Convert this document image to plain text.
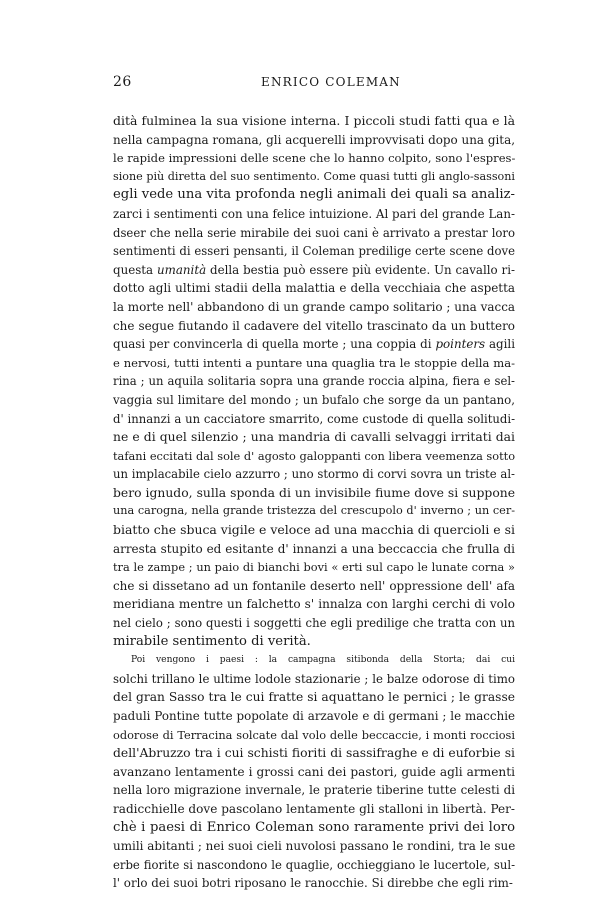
26	ENRICO COLEMAN

dità fulminea la sua visione interna. I piccoli studi fatti qua e là
nella campagna romana, gli acquerelli improvvisati dopo una gita,
le rapide impressioni delle scene che lo hanno colpito, sono l'espres-
sione più diretta del suo sentimento. Come quasi tutti gli anglo-sassoni
egli vede una vita profonda negli animali dei quali sa analiz-
zarci i sentimenti con una felice intuizione. Al pari del grande Lan-
dseer che nella serie mirabile dei suoi cani è arrivato a prestar loro
sentimenti di esseri pensanti, il Coleman predilige certe scene dove
questa umanità della bestia può essere più evidente. Un cavallo ri-
dotto agli ultimi stadii della malattia e della vecchiaia che aspetta
la morte nell' abbandono di un grande campo solitario ; una vacca
che segue fiutando il cadavere del vitello trascinato da un buttero
quasi per convincerla di quella morte ; una coppia di pointers agili
e nervosi, tutti intenti a puntare una quaglia tra le stoppie della ma-
rina ; un aquila solitaria sopra una grande roccia alpina, fiera e sel-
vaggia sul limitare del mondo ; un bufalo che sorge da un pantano,
d' innanzi a un cacciatore smarrito, come custode di quella solitudi-
ne e di quel silenzio ; una mandria di cavalli selvaggi irritati dai
tafani eccitati dal sole d' agosto galoppanti con libera veemenza sotto
un implacabile cielo azzurro ; uno stormo di corvi sovra un triste al-
bero ignudo, sulla sponda di un invisibile fiume dove si suppone
una carogna, nella grande tristezza del crescupolo d' inverno ; un cer-
biatto che sbuca vigile e veloce ad una macchia di quercioli e si
arresta stupito ed esitante d' innanzi a una beccaccia che frulla di
tra le zampe ; un paio di bianchi bovi « erti sul capo le lunate corna »
che si dissetano ad un fontanile deserto nell' oppressione dell' afa
meridiana mentre un falchetto s' innalza con larghi cerchi di volo
nel cielo ; sono questi i soggetti che egli predilige che tratta con un
mirabile sentimento di verità.

Poi vengono i paesi : la campagna sitibonda della Storta; dai cui
solchi trillano le ultime lodole stazionarie ; le balze odorose di timo
del gran Sasso tra le cui fratte si aquattano le pernici ; le grasse
paduli Pontine tutte popolate di arzavole e di germani ; le macchie
odorose di Terracina solcate dal volo delle beccaccie, i monti rocciosi
dell'Abruzzo tra i cui schisti fioriti di sassifraghe e di euforbie si
avanzano lentamente i grossi cani dei pastori, guide agli armenti
nella loro migrazione invernale, le praterie tiberine tutte celesti di
radicchielle dove pascolano lentamente gli stalloni in libertà. Per-
chè i paesi di Enrico Coleman sono raramente privi dei loro
umili abitanti ; nei suoi cieli nuvolosi passano le rondini, tra le sue
erbe fiorite si nascondono le quaglie, occhieggiano le lucertole, sul-
l' orlo dei suoi botri riposano le ranocchie. Si direbbe che egli rim-
